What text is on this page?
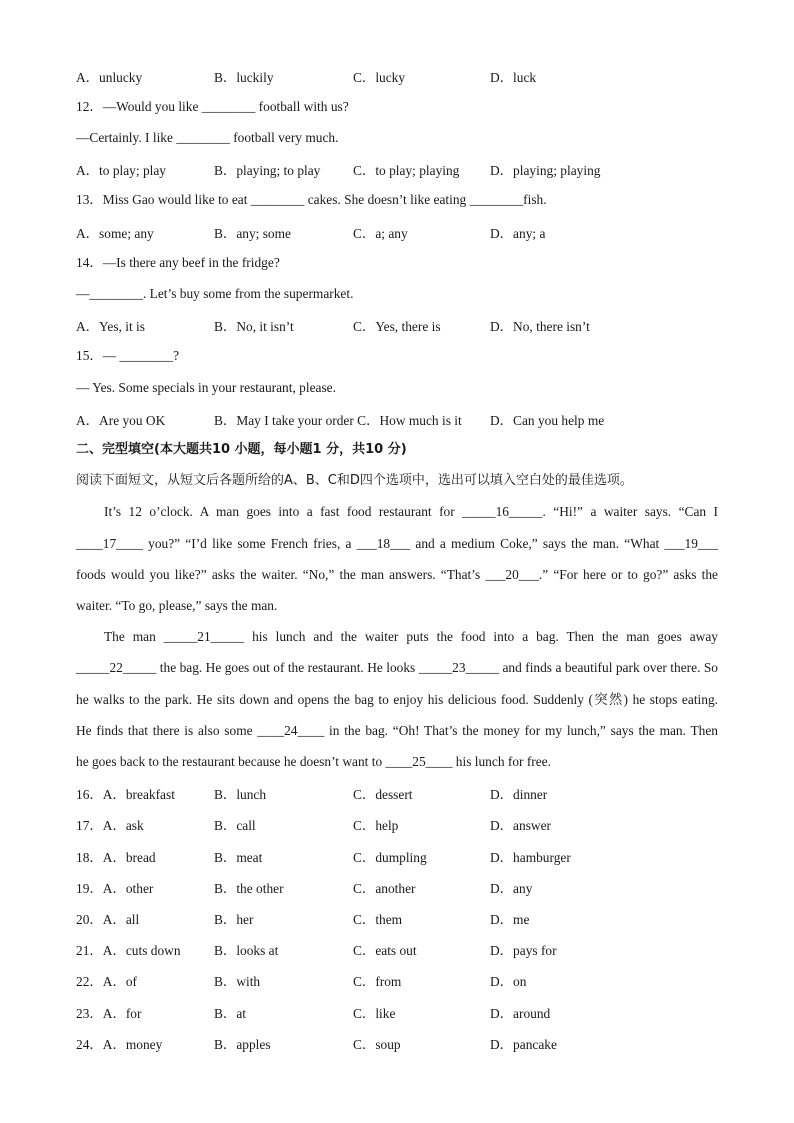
A．unlucky	B．luckily	C．lucky	D．luck
12．—Would you like ________ football with us?
—Certainly. I like ________ football very much.
A．to play; play	B．playing; to play C．to play; playing D．playing; playing
13．Miss Gao would like to eat ________ cakes. She doesn’t like eating ________fish.
A．some; any	B．any; some	C．a; any	D．any; a
14．—Is there any beef in the fridge?
—________. Let’s buy some from the supermarket.
A．Yes, it is	B．No, it isn’t	C．Yes, there is	D．No, there isn’t
15．— ________?
— Yes. Some specials in your restaurant, please.
A．Are you OK	B．May I take your order C．How much is it D．Can you help me
二、完型填空(本大题共10 小题，每小题1 分，共10 分)
阅读下面短文，从短文后各题所给的A、B、C和D四个选项中，选出可以填入空白处的最佳选项。
It’s 12 o’clock. A man goes into a fast food restaurant for _____16_____. “Hi!” a waiter says. “Can I
____17____ you?” “I’d like some French fries, a ___18___ and a medium Coke,” says the man. “What ___19___
foods would you like?” asks the waiter. “No,” the man answers. “That’s ___20___.” “For here or to go?” asks the
waiter. “To go, please,” says the man.
The man _____21_____ his lunch and the waiter puts the food into a bag. Then the man goes away
_____22_____ the bag. He goes out of the restaurant. He looks _____23_____ and finds a beautiful park over there. So
he walks to the park. He sits down and opens the bag to enjoy his delicious food. Suddenly (突然) he stops eating.
He finds that there is also some ____24____ in the bag. “Oh! That’s the money for my lunch,” says the man. Then
he goes back to the restaurant because he doesn’t want to ____25____ his lunch for free.
16．A．breakfast	B．lunch	C．dessert	D．dinner
17．A．ask	B．call	C．help	D．answer
18．A．bread	B．meat	C．dumpling	D．hamburger
19．A．other	B．the other	C．another	D．any
20．A．all	B．her	C．them	D．me
21．A．cuts down B．looks at	C．eats out	D．pays for
22．A．of	B．with	C．from	D．on
23．A．for	B．at	C．like	D．around
24．A．money	B．apples	C．soup	D．pancake
